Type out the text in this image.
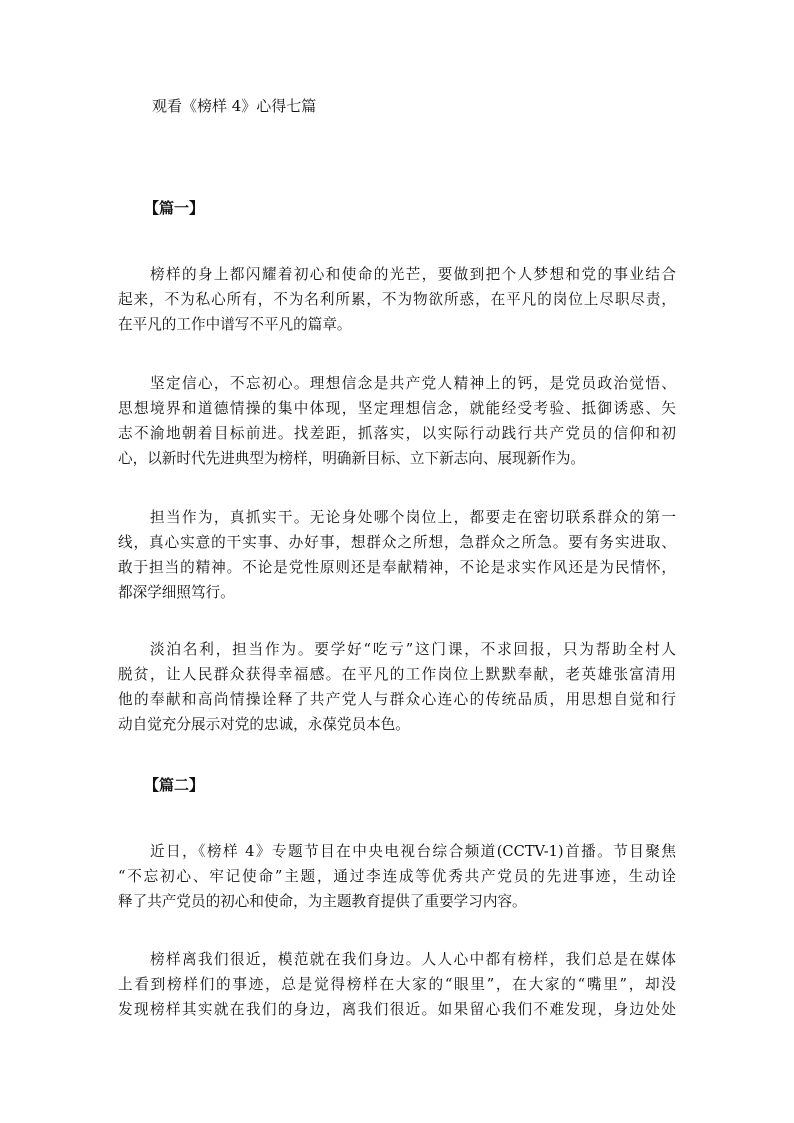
观看《榜样 4》心得七篇
【篇一】
榜样的身上都闪耀着初心和使命的光芒，要做到把个人梦想和党的事业结合
起来，不为私心所有，不为名利所累，不为物欲所惑，在平凡的岗位上尽职尽责，
在平凡的工作中谱写不平凡的篇章。
坚定信心，不忘初心。理想信念是共产党人精神上的钙，是党员政治觉悟、
思想境界和道德情操的集中体现，坚定理想信念，就能经受考验、抵御诱惑、矢
志不渝地朝着目标前进。找差距，抓落实，以实际行动践行共产党员的信仰和初
心，以新时代先进典型为榜样，明确新目标、立下新志向、展现新作为。
担当作为，真抓实干。无论身处哪个岗位上，都要走在密切联系群众的第一
线，真心实意的干实事、办好事，想群众之所想，急群众之所急。要有务实进取、
敢于担当的精神。不论是党性原则还是奉献精神，不论是求实作风还是为民情怀，
都深学细照笃行。
淡泊名利，担当作为。要学好“吃亏”这门课，不求回报，只为帮助全村人
脱贫，让人民群众获得幸福感。在平凡的工作岗位上默默奉献，老英雄张富清用
他的奉献和高尚情操诠释了共产党人与群众心连心的传统品质，用思想自觉和行
动自觉充分展示对党的忠诚，永葆党员本色。
【篇二】
近日，《榜样 4》专题节目在中央电视台综合频道(CCTV-1)首播。节目聚焦
“不忘初心、牢记使命”主题，通过李连成等优秀共产党员的先进事迹，生动诠
释了共产党员的初心和使命，为主题教育提供了重要学习内容。
榜样离我们很近，模范就在我们身边。人人心中都有榜样，我们总是在媒体
上看到榜样们的事迹，总是觉得榜样在大家的“眼里”，在大家的“嘴里”，却没
发现榜样其实就在我们的身边，离我们很近。如果留心我们不难发现，身边处处
